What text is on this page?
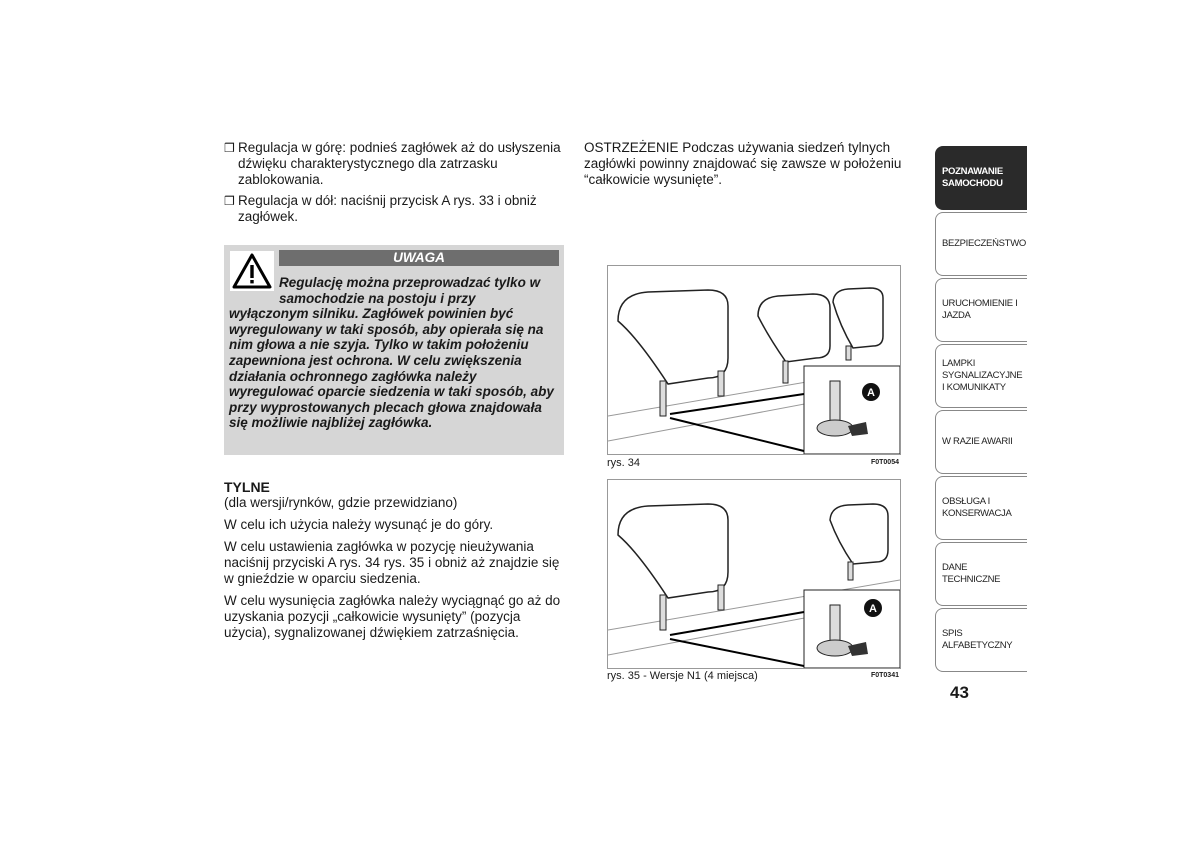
❒ Regulacja w górę: podnieś zagłówek aż do usłyszenia dźwięku charakterystycznego dla zatrzasku zablokowania.
❒ Regulacja w dół: naciśnij przycisk A rys. 33 i obniż zagłówek.
UWAGA
Regulację można przeprowadzać tylko w
samochodzie na postoju i przy
wyłączonym silniku. Zagłówek powinien być wyregulowany w taki sposób, aby opierała się na nim głowa a nie szyja. Tylko w takim położeniu zapewniona jest ochrona. W celu zwiększenia działania ochronnego zagłówka należy wyregulować oparcie siedzenia w taki sposób, aby przy wyprostowanych plecach głowa znajdowała się możliwie najbliżej zagłówka.
TYLNE

(dla wersji/rynków, gdzie przewidziano)

W celu ich użycia należy wysunąć je do góry.

W celu ustawienia zagłówka w pozycję nieużywania naciśnij przyciski A rys. 34 rys. 35 i obniż aż znajdzie się w gnieździe w oparciu siedzenia.

W celu wysunięcia zagłówka należy wyciągnąć go aż do uzyskania pozycji „całkowicie wysunięty” (pozycja użycia), sygnalizowanej dźwiękiem zatrzaśnięcia.

OSTRZEŻENIE Podczas używania siedzeń tylnych zagłówki powinny znajdować się zawsze w położeniu “całkowicie wysunięte”.
A
rys. 34	F0T0054
A
rys. 35 - Wersje N1 (4 miejsca)	F0T0341
POZNAWANIE SAMOCHODU
BEZPIECZEŃSTWO
URUCHOMIENIE I JAZDA
LAMPKI SYGNALIZACYJNE I KOMUNIKATY
W RAZIE AWARII
OBSŁUGA I KONSERWACJA
DANE TECHNICZNE
SPIS ALFABETYCZNY
43
